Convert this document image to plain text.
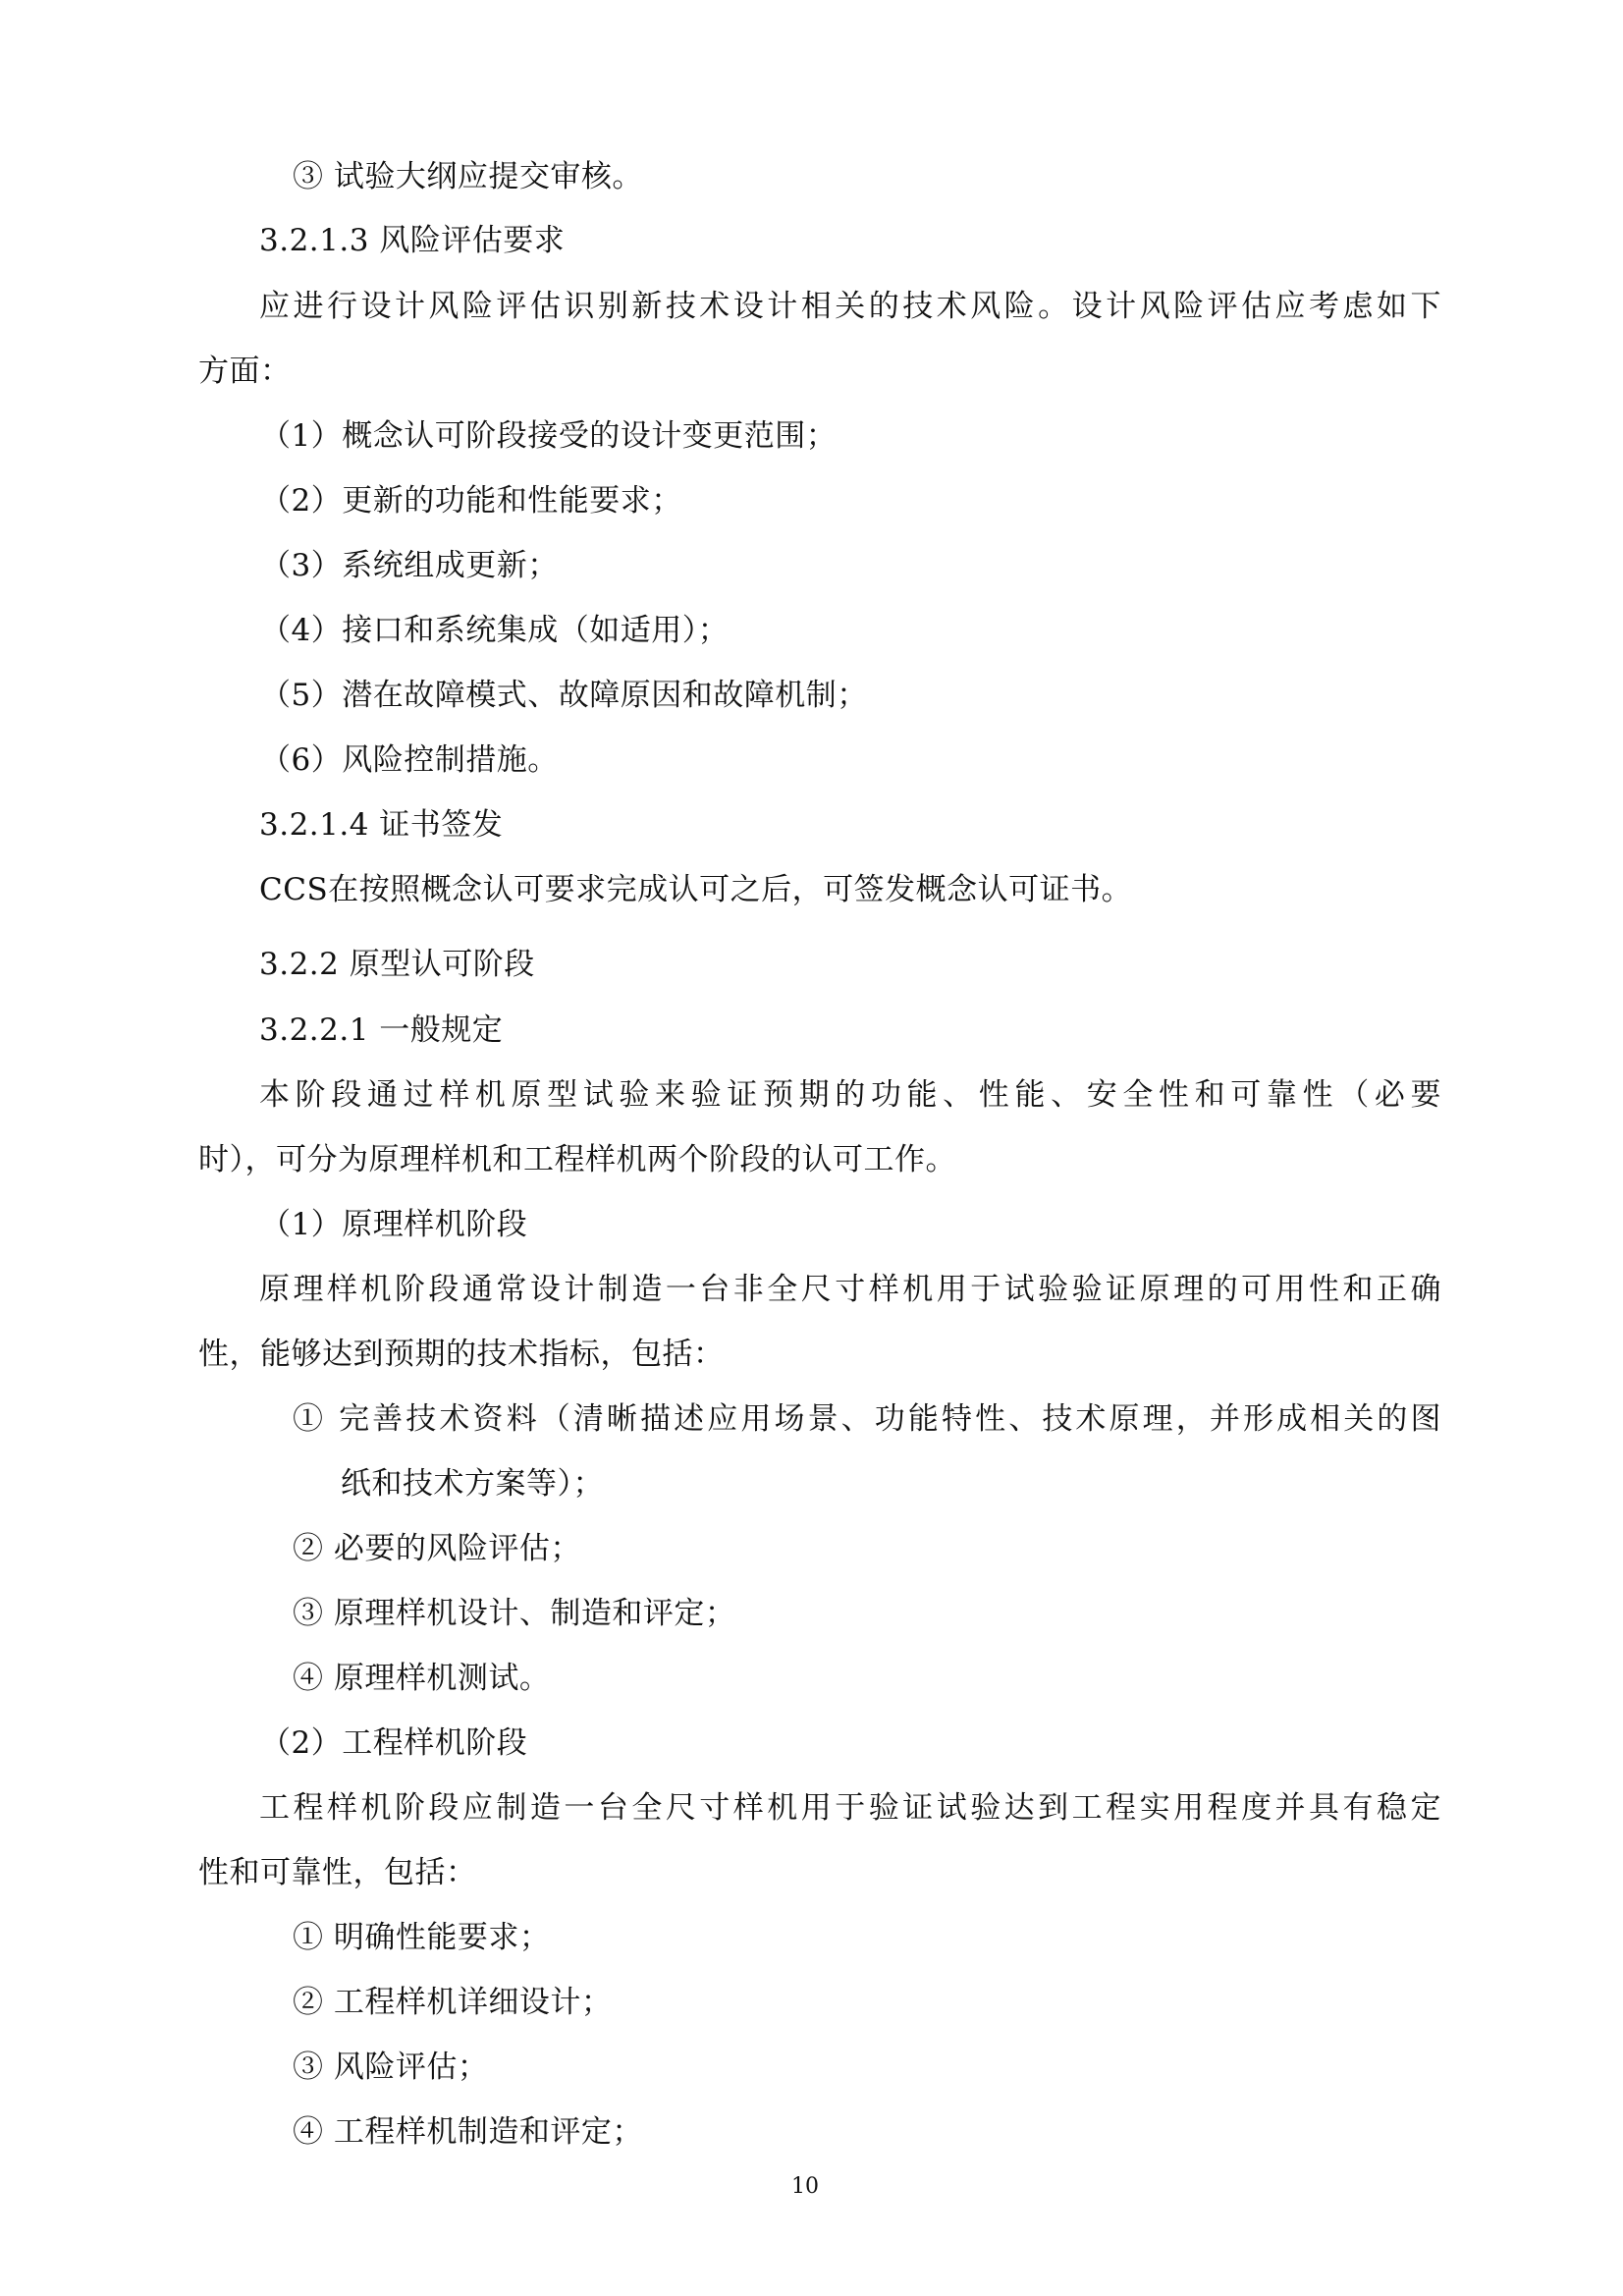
③ 试验大纲应提交审核。
3.2.1.3 风险评估要求
应进行设计风险评估识别新技术设计相关的技术风险。设计风险评估应考虑如下
方面：
（1）概念认可阶段接受的设计变更范围；
（2）更新的功能和性能要求；
（3）系统组成更新；
（4）接口和系统集成（如适用）；
（5）潜在故障模式、故障原因和故障机制；
（6）风险控制措施。
3.2.1.4 证书签发
CCS在按照概念认可要求完成认可之后，可签发概念认可证书。
3.2.2 原型认可阶段
3.2.2.1 一般规定
本阶段通过样机原型试验来验证预期的功能、性能、安全性和可靠性（必要
时），可分为原理样机和工程样机两个阶段的认可工作。
（1）原理样机阶段
原理样机阶段通常设计制造一台非全尺寸样机用于试验验证原理的可用性和正确
性，能够达到预期的技术指标，包括：
① 完善技术资料（清晰描述应用场景、功能特性、技术原理，并形成相关的图
纸和技术方案等）；
② 必要的风险评估；
③ 原理样机设计、制造和评定；
④ 原理样机测试。
（2）工程样机阶段
工程样机阶段应制造一台全尺寸样机用于验证试验达到工程实用程度并具有稳定
性和可靠性，包括：
① 明确性能要求；
② 工程样机详细设计；
③ 风险评估；
④ 工程样机制造和评定；
10
